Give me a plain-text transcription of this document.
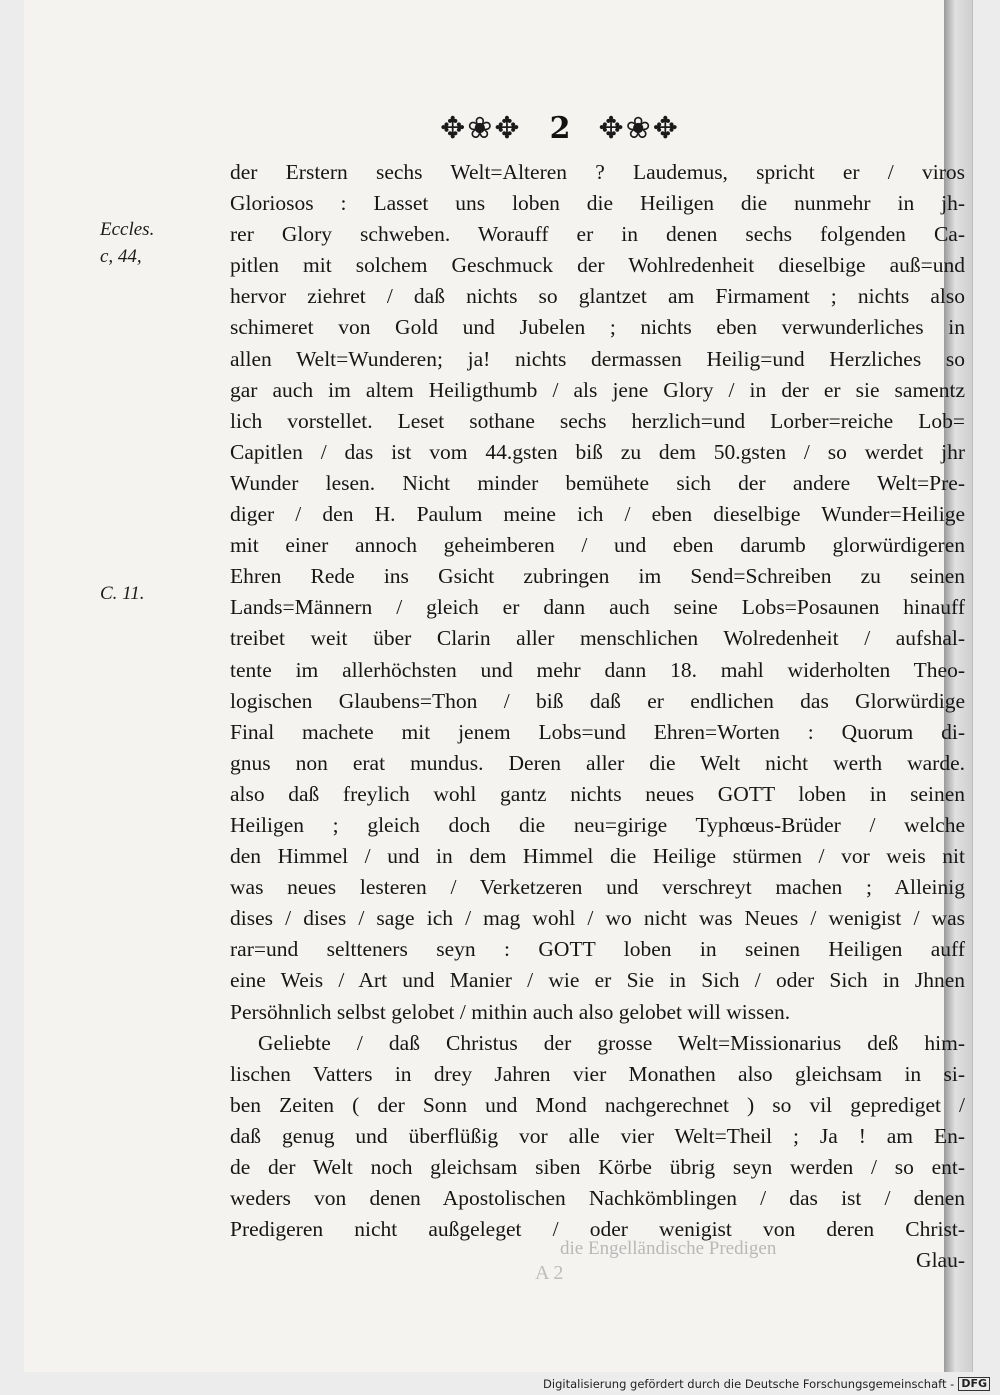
✥❀✥ 2 ✥❀✥
Eccles.
c, 44,
C. 11.
der Erstern sechs Welt=Alteren ? Laudemus, spricht er / viros
Gloriosos : Lasset uns loben die Heiligen die nunmehr in jh-
rer Glory schweben. Worauff er in denen sechs folgenden Ca-
pitlen mit solchem Geschmuck der Wohlredenheit dieselbige auß=und
hervor ziehret / daß nichts so glantzet am Firmament ; nichts also
schimeret von Gold und Jubelen ; nichts eben verwunderliches in
allen Welt=Wunderen; ja! nichts dermassen Heilig=und Herzliches so
gar auch im altem Heiligthumb / als jene Glory / in der er sie samentz
lich vorstellet. Leset sothane sechs herzlich=und Lorber=reiche Lob=
Capitlen / das ist vom 44.gsten biß zu dem 50.gsten / so werdet jhr
Wunder lesen. Nicht minder bemühete sich der andere Welt=Pre-
diger / den H. Paulum meine ich / eben dieselbige Wunder=Heilige
mit einer annoch geheimberen / und eben darumb glorwürdigeren
Ehren Rede ins Gsicht zubringen im Send=Schreiben zu seinen
Lands=Männern / gleich er dann auch seine Lobs=Posaunen hinauff
treibet weit über Clarin aller menschlichen Wolredenheit / aufshal-
tente im allerhöchsten und mehr dann 18. mahl widerholten Theo-
logischen Glaubens=Thon / biß daß er endlichen das Glorwürdige
Final machete mit jenem Lobs=und Ehren=Worten : Quorum di-
gnus non erat mundus. Deren aller die Welt nicht werth warde.
also daß freylich wohl gantz nichts neues GOTT loben in seinen
Heiligen ; gleich doch die neu=girige Typhœus-Brüder / welche
den Himmel / und in dem Himmel die Heilige stürmen / vor weis nit
was neues lesteren / Verketzeren und verschreyt machen ; Alleinig
dises / dises / sage ich / mag wohl / wo nicht was Neues / wenigist / was
rar=und seltteners seyn : GOTT loben in seinen Heiligen auff
eine Weis / Art und Manier / wie er Sie in Sich / oder Sich in Jhnen
Persöhnlich selbst gelobet / mithin auch also gelobet will wissen.
Geliebte / daß Christus der grosse Welt=Missionarius deß him-
lischen Vatters in drey Jahren vier Monathen also gleichsam in si-
ben Zeiten ( der Sonn und Mond nachgerechnet ) so vil geprediget /
daß genug und überflüßig vor alle vier Welt=Theil ; Ja ! am En-
de der Welt noch gleichsam siben Körbe übrig seyn werden / so ent-
weders von denen Apostolischen Nachkömblingen / das ist / denen
Predigeren nicht außgeleget / oder wenigist von deren Christ-
Glau-
die Engelländische Predigen
A 2
Digitalisierung gefördert durch die Deutsche Forschungsgemeinschaft - DFG
